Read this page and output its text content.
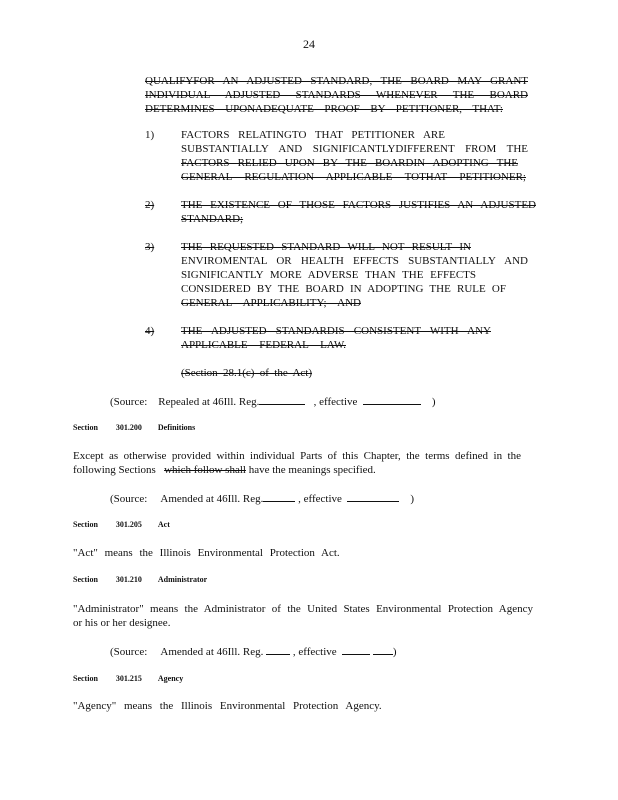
24
QUALIFYFOR AN ADJUSTED STANDARD, THE BOARD MAY GRANT
INDIVIDUAL ADJUSTED STANDARDS WHENEVER THE BOARD
DETERMINES UPONADEQUATE PROOF BY PETITIONER, THAT:
1) FACTORS RELATINGTO THAT PETITIONER ARE
SUBSTANTIALLY AND SIGNIFICANTLYDIFFERENT FROM THE
FACTORS RELIED UPON BY THE BOARDIN ADOPTING THE
GENERAL REGULATION APPLICABLE TOTHAT PETITIONER;
2) THE EXISTENCE OF THOSE FACTORS JUSTIFIES AN ADJUSTED
STANDARD;
3) THE REQUESTED STANDARD WILL NOT RESULT IN
ENVIROMENTAL OR HEALTH EFFECTS SUBSTANTIALLY AND
SIGNIFICANTLY MORE ADVERSE THAN THE EFFECTS
CONSIDERED BY THE BOARD IN ADOPTING THE RULE OF
GENERAL APPLICABILITY; AND
4) THE ADJUSTED STANDARDIS CONSISTENT WITH ANY
APPLICABLE FEDERAL LAW.
(Section 28.1(c) of the Act)
(Source: Repealed at 46Ill. Reg.	, effective	)
Section 301.200 Definitions
Except as otherwise provided within individual Parts of this Chapter, the terms defined in the
following Sections which follow shall have the meanings specified.
(Source: Amended at 46Ill. Reg.	, effective	)
Section 301.205 Act
"Act" means the Illinois Environmental Protection Act.
Section 301.210 Administrator
"Administrator" means the Administrator of the United States Environmental Protection Agency
or his or her designee.
(Source: Amended at 46Ill. Reg.	, effective	)
Section 301.215 Agency
"Agency" means the Illinois Environmental Protection Agency.
